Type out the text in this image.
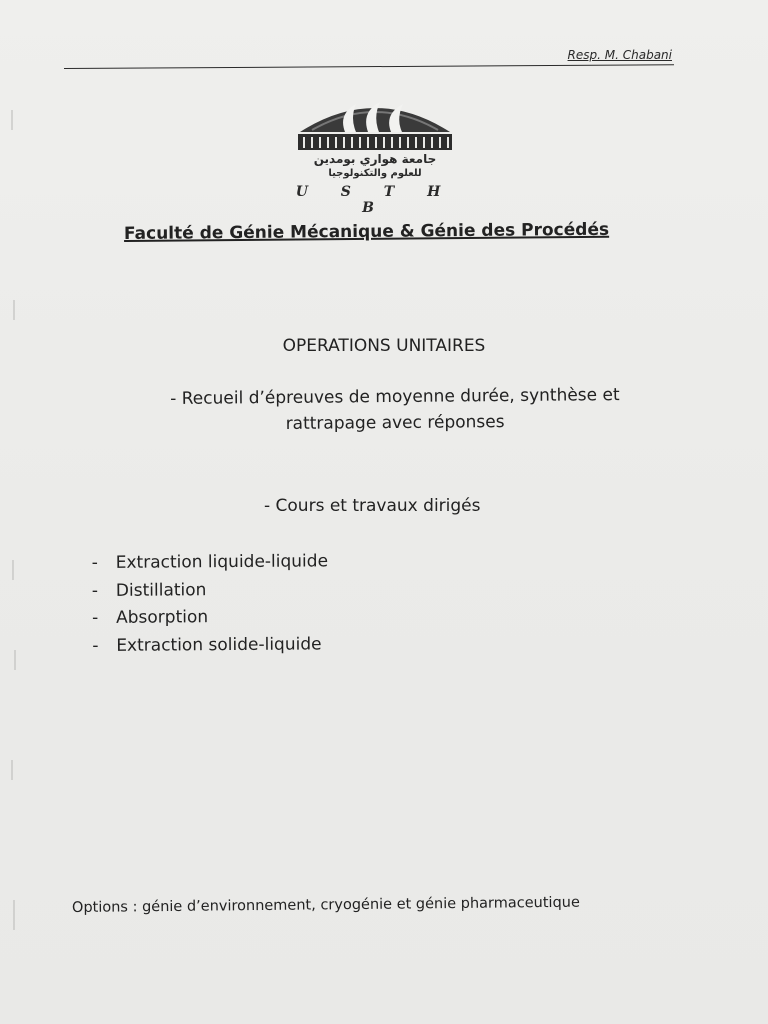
Resp. M. Chabani
جامعة هواري بومدين
للعلوم والتكنولوجيا
U S T H B
Faculté de Génie Mécanique & Génie des Procédés
OPERATIONS UNITAIRES
- Recueil d’épreuves de moyenne durée, synthèse et rattrapage avec réponses
- Cours et travaux dirigés
- Extraction liquide-liquide
- Distillation
- Absorption
- Extraction solide-liquide
Options : génie d’environnement, cryogénie et génie pharmaceutique
